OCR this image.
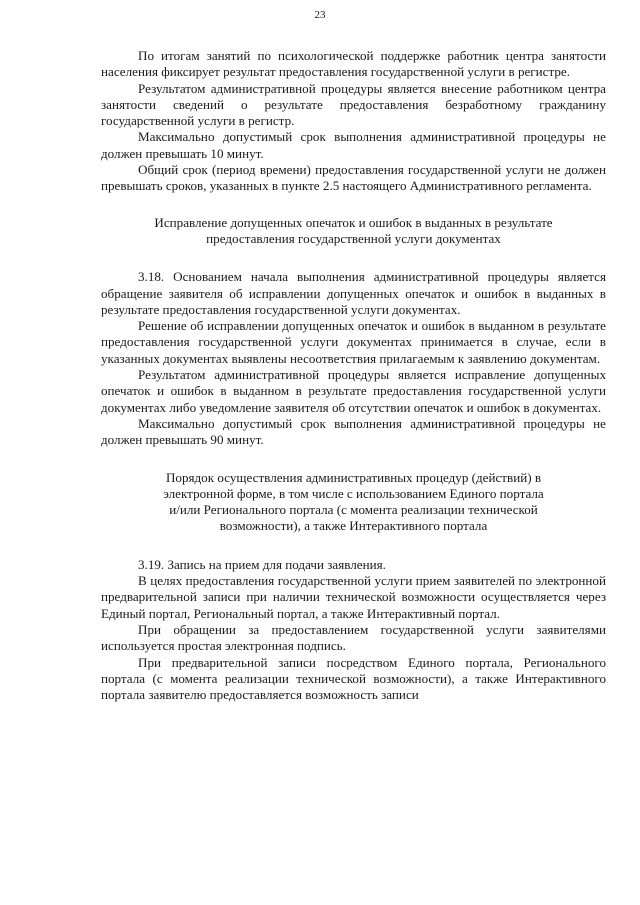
23

По итогам занятий по психологической поддержке работник центра занятости населения фиксирует результат предоставления государственной услуги в регистре.

Результатом административной процедуры является внесение работником центра занятости сведений о результате предоставления безработному гражданину государственной услуги в регистр.

Максимально допустимый срок выполнения административной процедуры не должен превышать 10 минут.

Общий срок (период времени) предоставления государственной услуги не должен превышать сроков, указанных в пункте 2.5 настоящего Административного регламента.

Исправление допущенных опечаток и ошибок в выданных в результате

предоставления государственной услуги документах

3.18. Основанием начала выполнения административной процедуры является обращение заявителя об исправлении допущенных опечаток и ошибок в выданных в результате предоставления государственной услуги документах.

Решение об исправлении допущенных опечаток и ошибок в выданном в результате предоставления государственной услуги документах принимается в случае, если в указанных документах выявлены несоответствия прилагаемым к заявлению документам.

Результатом административной процедуры является исправление допущенных опечаток и ошибок в выданном в результате предоставления государственной услуги документах либо уведомление заявителя об отсутствии опечаток и ошибок в документах.

Максимально допустимый срок выполнения административной процедуры не должен превышать 90 минут.

Порядок осуществления административных процедур (действий) в

электронной форме, в том числе с использованием Единого портала

и/или Регионального портала (с момента реализации технической

возможности), а также Интерактивного портала

3.19. Запись на прием для подачи заявления.

В целях предоставления государственной услуги прием заявителей по электронной предварительной записи при наличии технической возможности осуществляется через Единый портал, Региональный портал, а также Интерактивный портал.

При обращении за предоставлением государственной услуги заявителями используется простая электронная подпись.

При предварительной записи посредством Единого портала, Регионального портала (с момента реализации технической возможности), а также Интерактивного портала заявителю предоставляется возможность записи
